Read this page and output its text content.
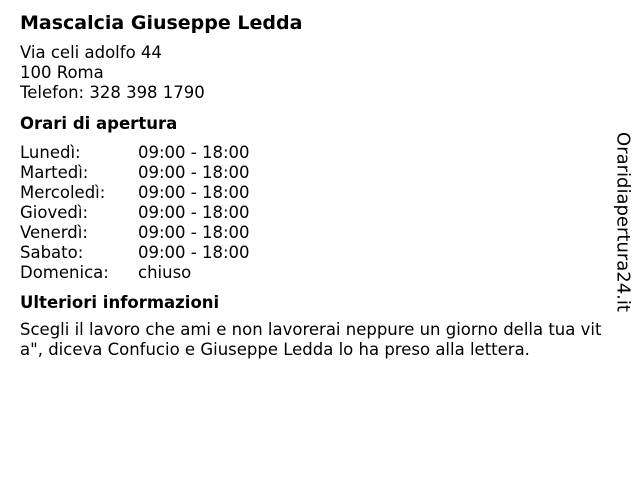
Mascalcia Giuseppe Ledda
Via celi adolfo 44
100 Roma
Telefon: 328 398 1790
Orari di apertura
Lunedì:	09:00 - 18:00
Martedì:	09:00 - 18:00
Mercoledì:	09:00 - 18:00
Giovedì:	09:00 - 18:00
Venerdì:	09:00 - 18:00
Sabato:	09:00 - 18:00
Domenica:	chiuso
Ulteriori informazioni
Scegli il lavoro che ami e non lavorerai neppure un giorno della tua vita", diceva Confucio e Giuseppe Ledda lo ha preso alla lettera.
Oraridiapertura24.it
